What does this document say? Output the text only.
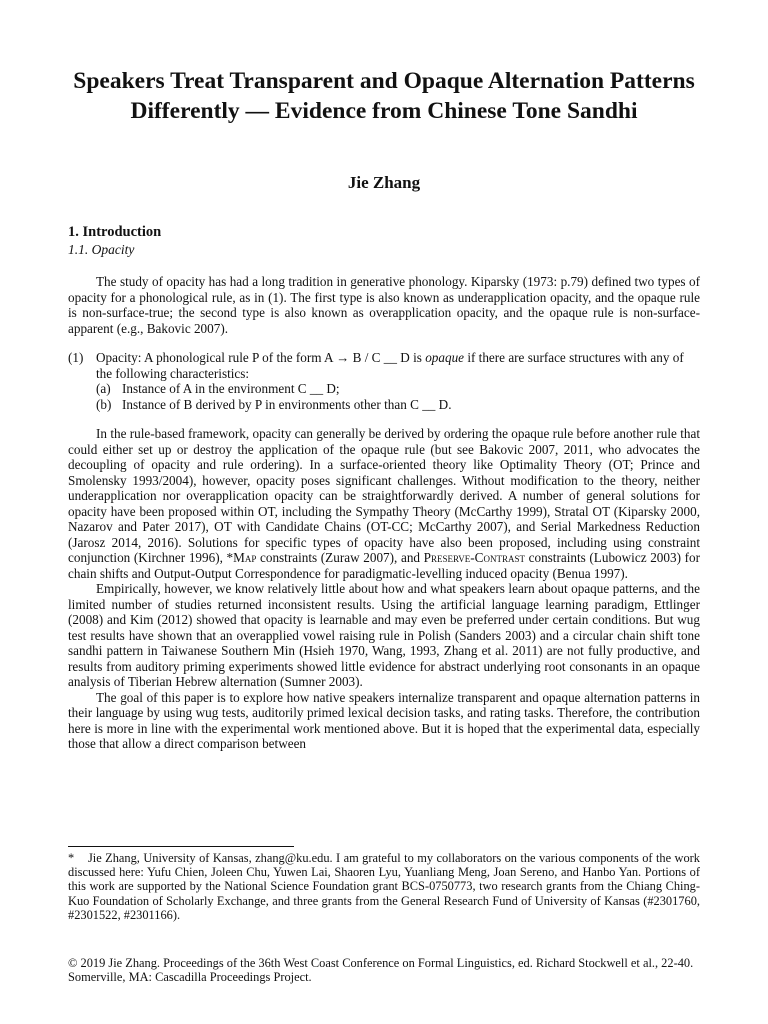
Speakers Treat Transparent and Opaque Alternation Patterns Differently — Evidence from Chinese Tone Sandhi
Jie Zhang
1. Introduction
1.1. Opacity

The study of opacity has had a long tradition in generative phonology. Kiparsky (1973: p.79) defined two types of opacity for a phonological rule, as in (1). The first type is also known as underapplication opacity, and the opaque rule is non-surface-true; the second type is also known as overapplication opacity, and the opaque rule is non-surface-apparent (e.g., Bakovic 2007).

(1) Opacity: A phonological rule P of the form A → B / C __ D is opaque if there are surface structures with any of the following characteristics:
(a) Instance of A in the environment C __ D;
(b) Instance of B derived by P in environments other than C __ D.

In the rule-based framework, opacity can generally be derived by ordering the opaque rule before another rule that could either set up or destroy the application of the opaque rule (but see Bakovic 2007, 2011, who advocates the decoupling of opacity and rule ordering). In a surface-oriented theory like Optimality Theory (OT; Prince and Smolensky 1993/2004), however, opacity poses significant challenges. Without modification to the theory, neither underapplication nor overapplication opacity can be straightforwardly derived. A number of general solutions for opacity have been proposed within OT, including the Sympathy Theory (McCarthy 1999), Stratal OT (Kiparsky 2000, Nazarov and Pater 2017), OT with Candidate Chains (OT-CC; McCarthy 2007), and Serial Markedness Reduction (Jarosz 2014, 2016). Solutions for specific types of opacity have also been proposed, including using constraint conjunction (Kirchner 1996), *Map constraints (Zuraw 2007), and Preserve-Contrast constraints (Lubowicz 2003) for chain shifts and Output-Output Correspondence for paradigmatic-levelling induced opacity (Benua 1997).

Empirically, however, we know relatively little about how and what speakers learn about opaque patterns, and the limited number of studies returned inconsistent results. Using the artificial language learning paradigm, Ettlinger (2008) and Kim (2012) showed that opacity is learnable and may even be preferred under certain conditions. But wug test results have shown that an overapplied vowel raising rule in Polish (Sanders 2003) and a circular chain shift tone sandhi pattern in Taiwanese Southern Min (Hsieh 1970, Wang, 1993, Zhang et al. 2011) are not fully productive, and results from auditory priming experiments showed little evidence for abstract underlying root consonants in an opaque analysis of Tiberian Hebrew alternation (Sumner 2003).

The goal of this paper is to explore how native speakers internalize transparent and opaque alternation patterns in their language by using wug tests, auditorily primed lexical decision tasks, and rating tasks. Therefore, the contribution here is more in line with the experimental work mentioned above. But it is hoped that the experimental data, especially those that allow a direct comparison between

* Jie Zhang, University of Kansas, zhang@ku.edu. I am grateful to my collaborators on the various components of the work discussed here: Yufu Chien, Joleen Chu, Yuwen Lai, Shaoren Lyu, Yuanliang Meng, Joan Sereno, and Hanbo Yan. Portions of this work are supported by the National Science Foundation grant BCS-0750773, two research grants from the Chiang Ching-Kuo Foundation of Scholarly Exchange, and three grants from the General Research Fund of University of Kansas (#2301760, #2301522, #2301166).
© 2019 Jie Zhang. Proceedings of the 36th West Coast Conference on Formal Linguistics, ed. Richard Stockwell et al., 22-40. Somerville, MA: Cascadilla Proceedings Project.
